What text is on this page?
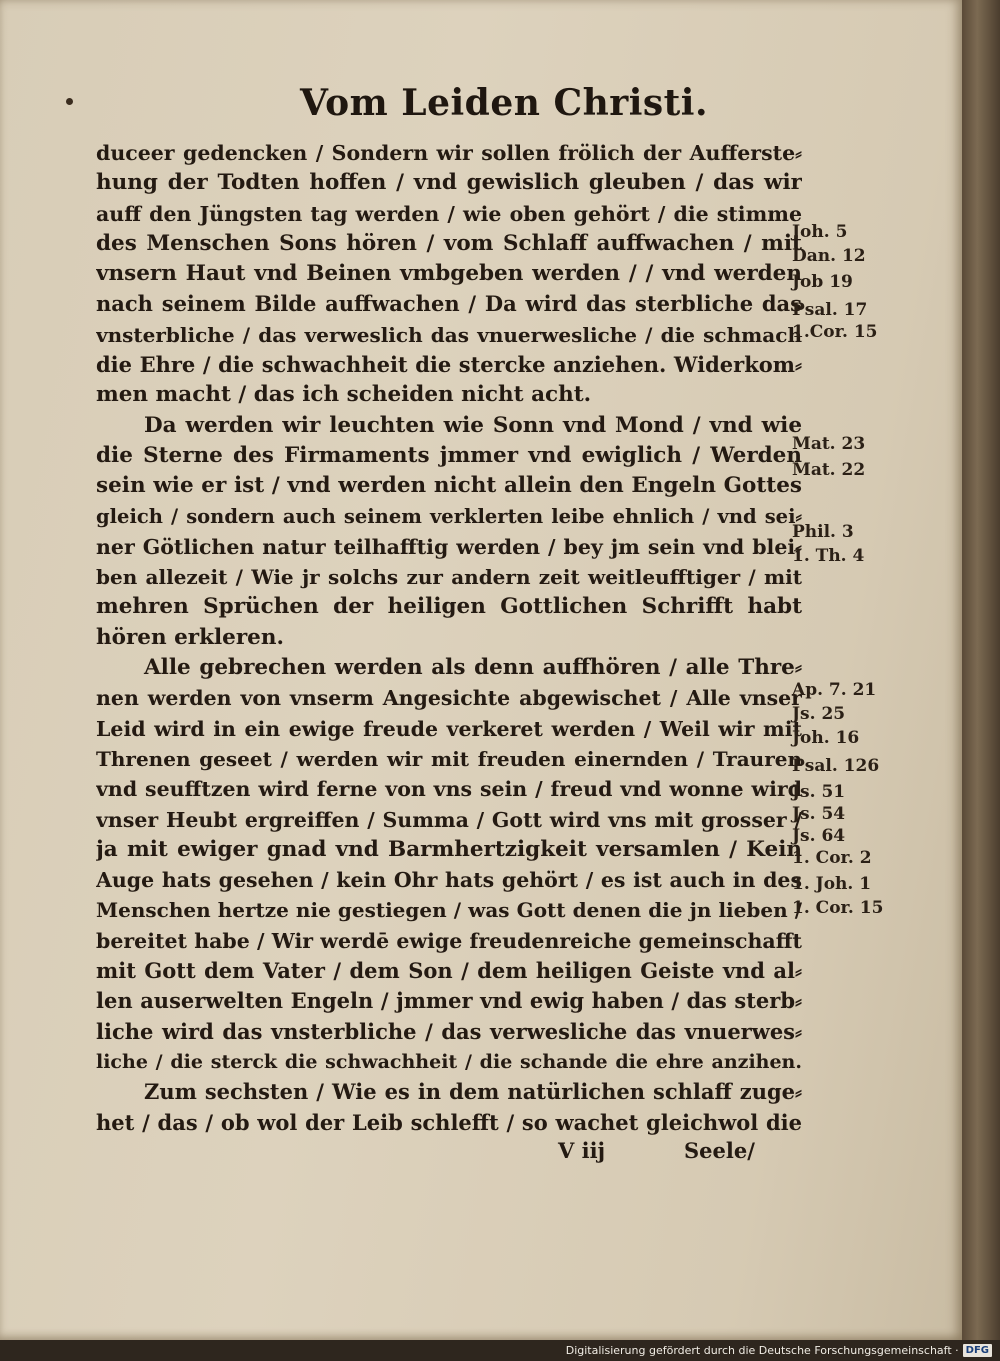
Vom Leiden Christi.
duceer gedencken / Sondern wir sollen frölich der Aufferste⸗
hung der Todten hoffen / vnd gewislich gleuben / das wir
auff den Jüngsten tag werden / wie oben gehört / die stimme
des Menschen Sons hören / vom Schlaff auffwachen / mit
vnsern Haut vnd Beinen vmbgeben werden / / vnd werden
nach seinem Bilde auffwachen / Da wird das sterbliche das
vnsterbliche / das verweslich das vnuerwesliche / die schmach
die Ehre / die schwachheit die stercke anziehen. Widerkom⸗
men macht / das ich scheiden nicht acht.
Da werden wir leuchten wie Sonn vnd Mond / vnd wie
die Sterne des Firmaments jmmer vnd ewiglich / Werden
sein wie er ist / vnd werden nicht allein den Engeln Gottes
gleich / sondern auch seinem verklerten leibe ehnlich / vnd sei⸗
ner Götlichen natur teilhafftig werden / bey jm sein vnd blei⸗
ben allezeit / Wie jr solchs zur andern zeit weitleufftiger / mit
mehren Sprüchen der heiligen Gottlichen Schrifft habt
hören erkleren.
Alle gebrechen werden als denn auffhören / alle Thre⸗
nen werden von vnserm Angesichte abgewischet / Alle vnser
Leid wird in ein ewige freude verkeret werden / Weil wir mit
Threnen geseet / werden wir mit freuden einernden / Trauren
vnd seufftzen wird ferne von vns sein / freud vnd wonne wird
vnser Heubt ergreiffen / Summa / Gott wird vns mit grosser /
ja mit ewiger gnad vnd Barmhertzigkeit versamlen / Kein
Auge hats gesehen / kein Ohr hats gehört / es ist auch in des
Menschen hertze nie gestiegen / was Gott denen die jn lieben /
bereitet habe / Wir werdē ewige freudenreiche gemeinschafft
mit Gott dem Vater / dem Son / dem heiligen Geiste vnd al⸗
len auserwelten Engeln / jmmer vnd ewig haben / das sterb⸗
liche wird das vnsterbliche / das verwesliche das vnuerwes⸗
liche / die sterck die schwachheit / die schande die ehre anzihen.
Zum sechsten / Wie es in dem natürlichen schlaff zuge⸗
het / das / ob wol der Leib schlefft / so wachet gleichwol die
Joh. 5
Dan. 12
Job 19
Psal. 17
1.Cor. 15
Mat. 23
Mat. 22
Phil. 3
1. Th. 4
Ap. 7. 21
Js. 25
Joh. 16
Psal. 126
Js. 51
Js. 54
Js. 64
1. Cor. 2
1. Joh. 1
1. Cor. 15
V iij	Seele/
Digitalisierung gefördert durch die Deutsche Forschungsgemeinschaft · DFG
